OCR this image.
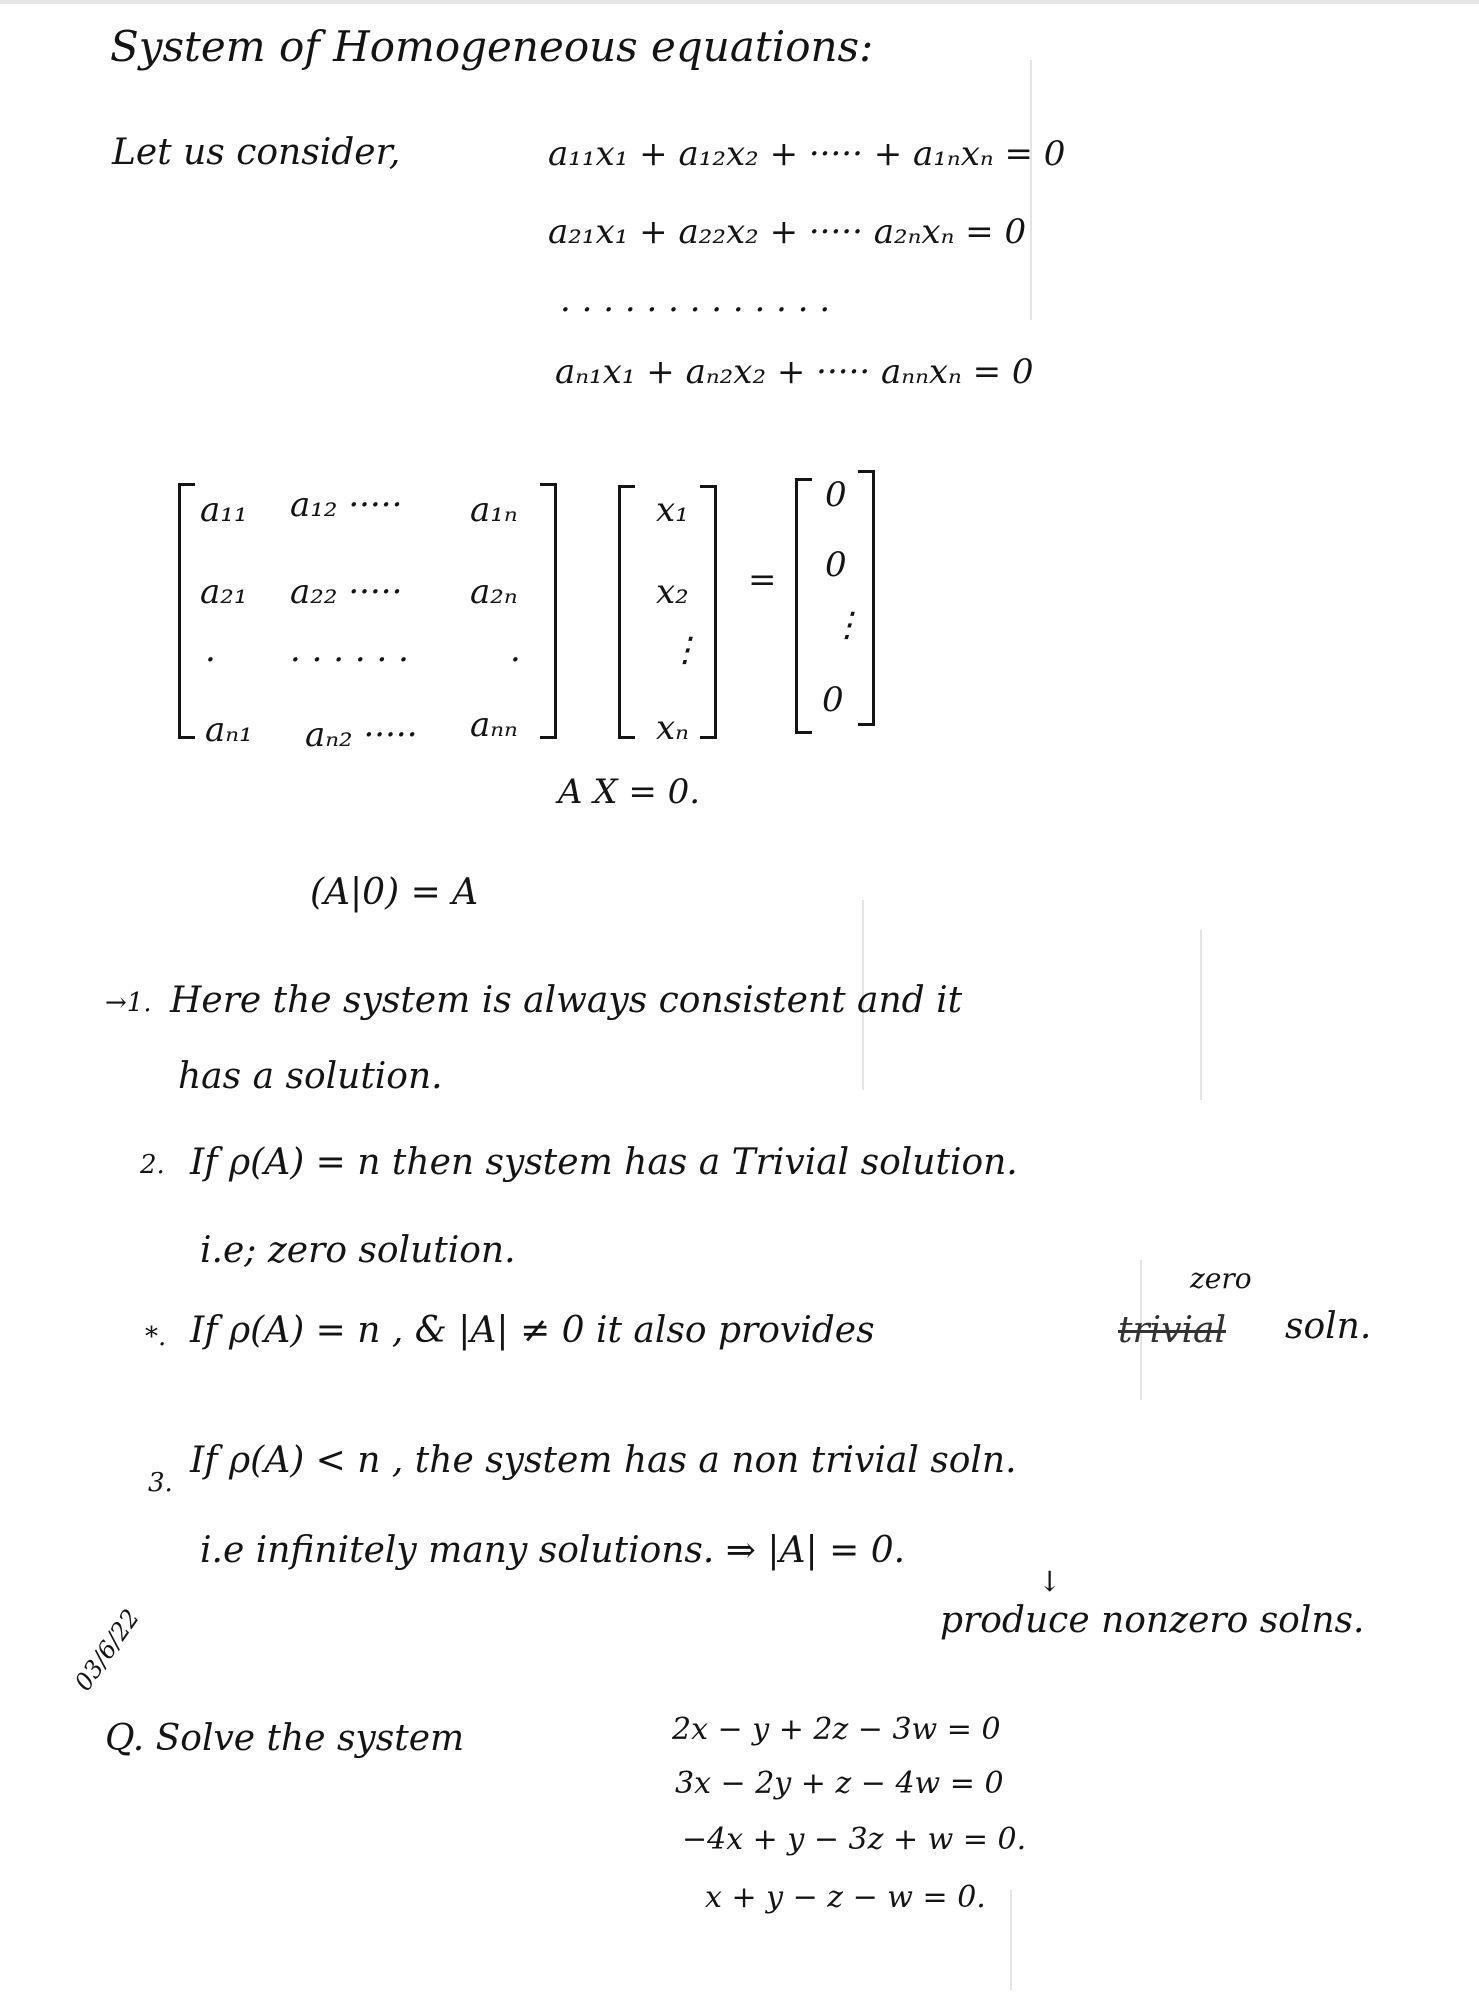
System of Homogeneous equations:
Let us consider,	a₁₁x₁ + a₁₂x₂ + ····· + a₁ₙxₙ = 0
a₂₁x₁ + a₂₂x₂ + ····· a₂ₙxₙ = 0
· · · · · · · · · · · · ·
aₙ₁x₁ + aₙ₂x₂ + ····· aₙₙxₙ = 0
a₁₁ a₁₂ ····· a₁ₙ
a₂₁ a₂₂ ····· a₂ₙ
· · · · · · ·	·
aₙ₁ aₙ₂ ····· aₙₙ
x₁
x₂
⋮
xₙ
=
0
0
⋮
0
A X = 0.
(A|0) = A
→1. Here the system is always consistent and it
has a solution.
2. If ρ(A) = n then system has a Trivial solution.
i.e; zero solution.
*. If ρ(A) = n , & |A| ≠ 0 it also provides
zero
trivial soln.
3.
If ρ(A) < n , the system has a non trivial soln.
i.e infinitely many solutions. ⇒ |A| = 0.
↓
produce nonzero solns.
03/6/22
Q. Solve the system	2x − y + 2z − 3w = 0
3x − 2y + z − 4w = 0
−4x + y − 3z + w = 0.
x + y − z − w = 0.
